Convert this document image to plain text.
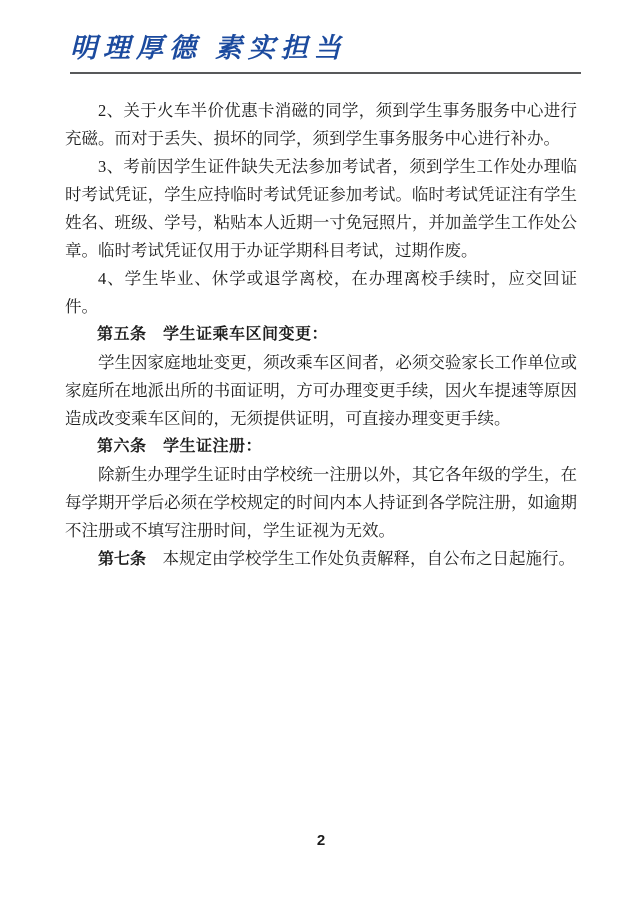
明理厚德 素实担当

2、关于火车半价优惠卡消磁的同学，须到学生事务服务中心进行充磁。而对于丢失、损坏的同学，须到学生事务服务中心进行补办。

3、考前因学生证件缺失无法参加考试者，须到学生工作处办理临时考试凭证，学生应持临时考试凭证参加考试。临时考试凭证注有学生姓名、班级、学号，粘贴本人近期一寸免冠照片，并加盖学生工作处公章。临时考试凭证仅用于办证学期科目考试，过期作废。

4、学生毕业、休学或退学离校，在办理离校手续时，应交回证件。

第五条　学生证乘车区间变更：

学生因家庭地址变更，须改乘车区间者，必须交验家长工作单位或家庭所在地派出所的书面证明，方可办理变更手续，因火车提速等原因造成改变乘车区间的，无须提供证明，可直接办理变更手续。

第六条　学生证注册：

除新生办理学生证时由学校统一注册以外，其它各年级的学生，在每学期开学后必须在学校规定的时间内本人持证到各学院注册，如逾期不注册或不填写注册时间，学生证视为无效。

第七条　本规定由学校学生工作处负责解释，自公布之日起施行。

2
